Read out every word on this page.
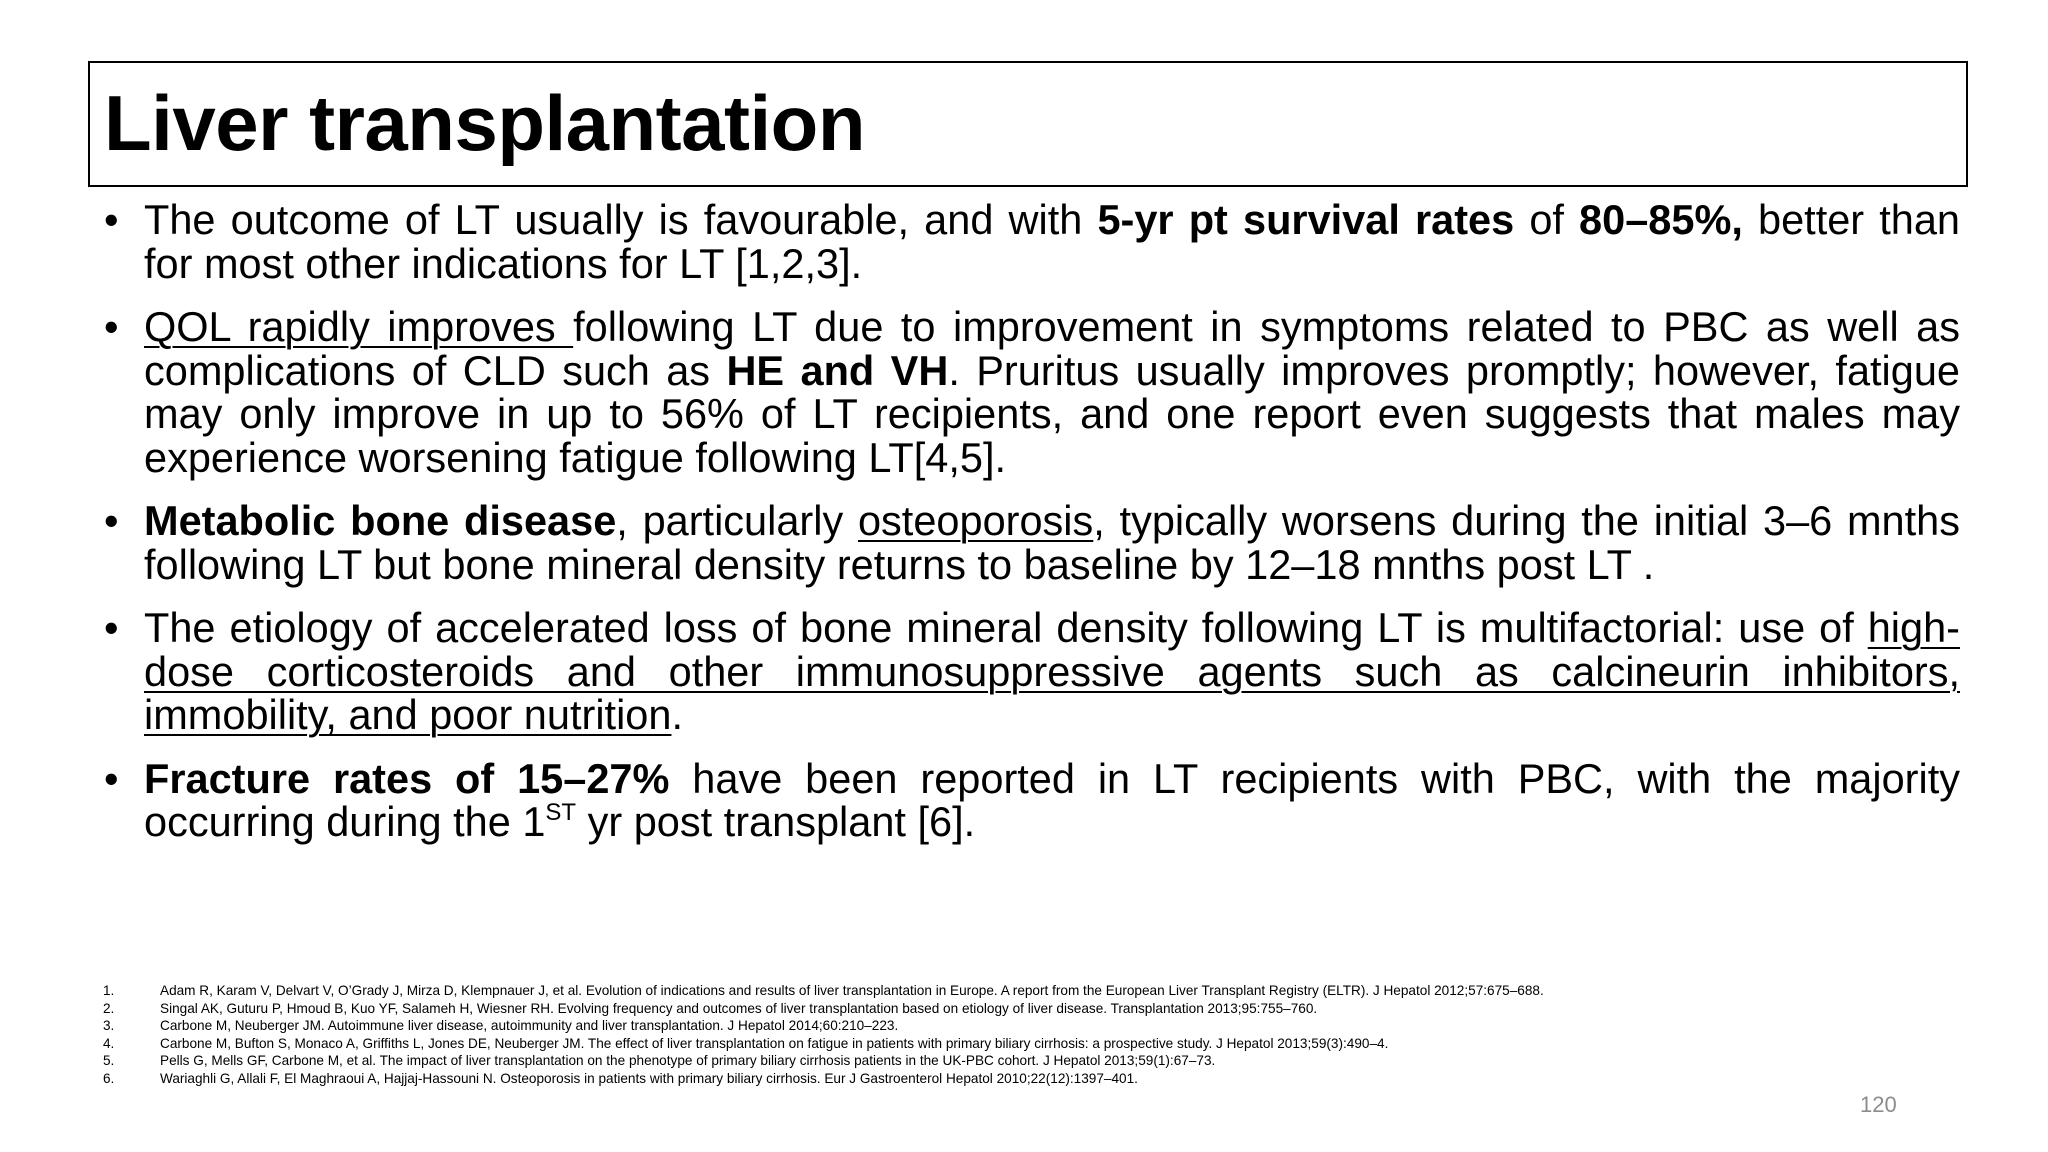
Liver transplantation
• The outcome of LT usually is favourable, and with 5-yr pt survival rates of 80–85%, better than for most other indications for LT [1,2,3].
• QOL rapidly improves following LT due to improvement in symptoms related to PBC as well as complications of CLD such as HE and VH. Pruritus usually improves promptly; however, fatigue may only improve in up to 56% of LT recipients, and one report even suggests that males may experience worsening fatigue following LT[4,5].
• Metabolic bone disease, particularly osteoporosis, typically worsens during the initial 3–6 mnths following LT but bone mineral density returns to baseline by 12–18 mnths post LT .
• The etiology of accelerated loss of bone mineral density following LT is multifactorial: use of high-dose corticosteroids and other immunosuppressive agents such as calcineurin inhibitors, immobility, and poor nutrition.
• Fracture rates of 15–27% have been reported in LT recipients with PBC, with the majority occurring during the 1ST yr post transplant [6].
1.	Adam R, Karam V, Delvart V, O’Grady J, Mirza D, Klempnauer J, et al. Evolution of indications and results of liver transplantation in Europe. A report from the European Liver Transplant Registry (ELTR). J Hepatol 2012;57:675–688.
2.	Singal AK, Guturu P, Hmoud B, Kuo YF, Salameh H, Wiesner RH. Evolving frequency and outcomes of liver transplantation based on etiology of liver disease. Transplantation 2013;95:755–760.
3.	Carbone M, Neuberger JM. Autoimmune liver disease, autoimmunity and liver transplantation. J Hepatol 2014;60:210–223.
4.	Carbone M, Bufton S, Monaco A, Griffiths L, Jones DE, Neuberger JM. The effect of liver transplantation on fatigue in patients with primary biliary cirrhosis: a prospective study. J Hepatol 2013;59(3):490–4.
5.	Pells G, Mells GF, Carbone M, et al. The impact of liver transplantation on the phenotype of primary biliary cirrhosis patients in the UK-PBC cohort. J Hepatol 2013;59(1):67–73.
6.	Wariaghli G, Allali F, El Maghraoui A, Hajjaj-Hassouni N. Osteoporosis in patients with primary biliary cirrhosis. Eur J Gastroenterol Hepatol 2010;22(12):1397–401.
120
